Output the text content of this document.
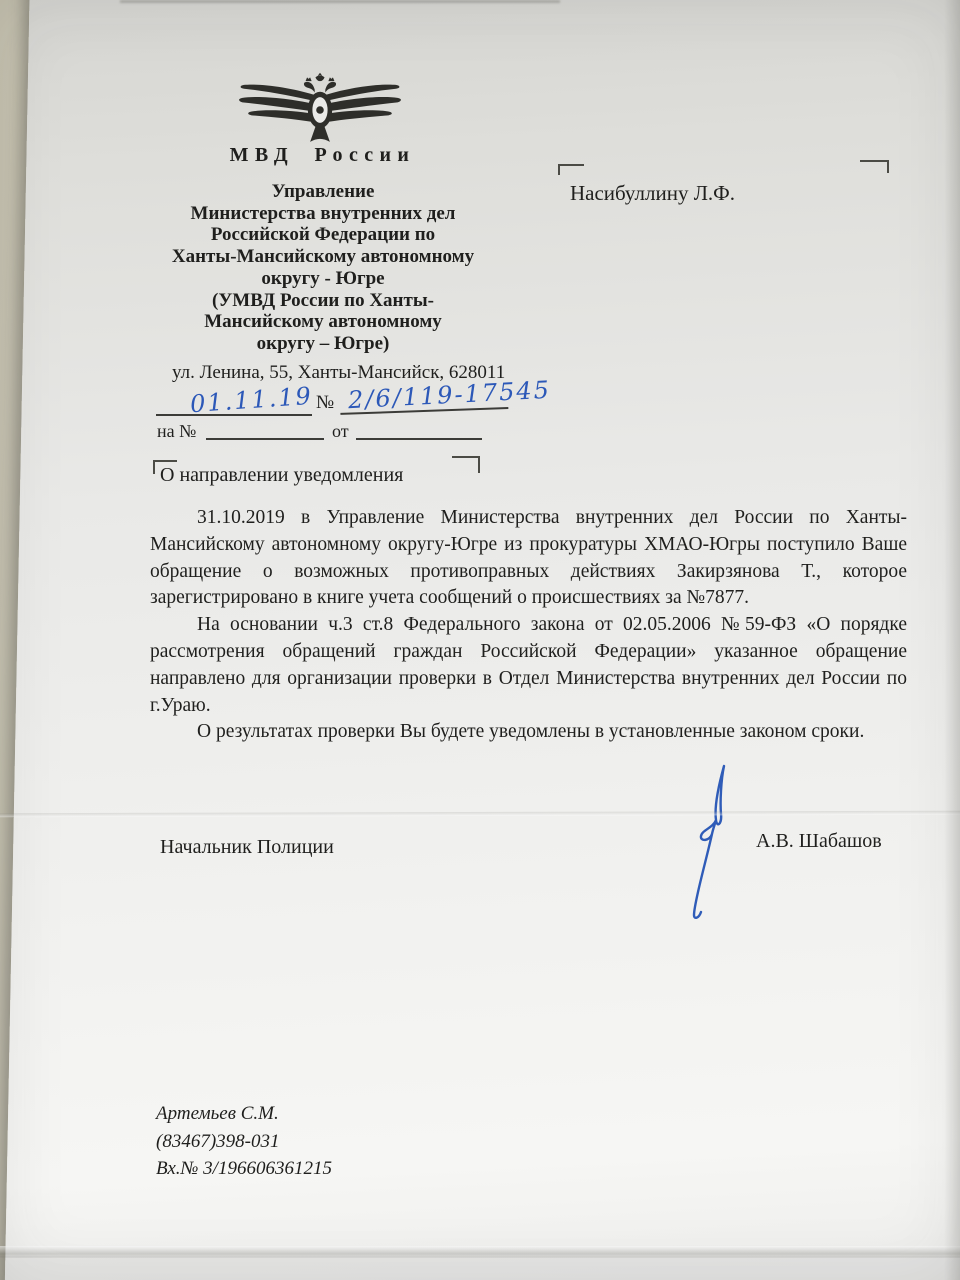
МВД России
Управление
Министерства внутренних дел
Российской Федерации по
Ханты-Мансийскому автономному
округу - Югре
(УМВД России по Ханты-
Мансийскому автономному
округу – Югре)
ул. Ленина, 55, Ханты-Мансийск, 628011
01.11.19 № 2/6/119-17545
на №	от
О направлении уведомления
Насибуллину Л.Ф.

31.10.2019 в Управление Министерства внутренних дел России по Ханты-Мансийскому автономному округу-Югре из прокуратуры ХМАО-Югры поступило Ваше обращение о возможных противоправных действиях Закирзянова Т., которое зарегистрировано в книге учета сообщений о происшествиях за №7877.

На основании ч.3 ст.8 Федерального закона от 02.05.2006 №59-ФЗ «О порядке рассмотрения обращений граждан Российской Федерации» указанное обращение направлено для организации проверки в Отдел Министерства внутренних дел России по г.Ураю.

О результатах проверки Вы будете уведомлены в установленные законом сроки.

Начальник Полиции	А.В. Шабашов
Артемьев С.М.
(83467)398-031
Вх.№ 3/196606361215
